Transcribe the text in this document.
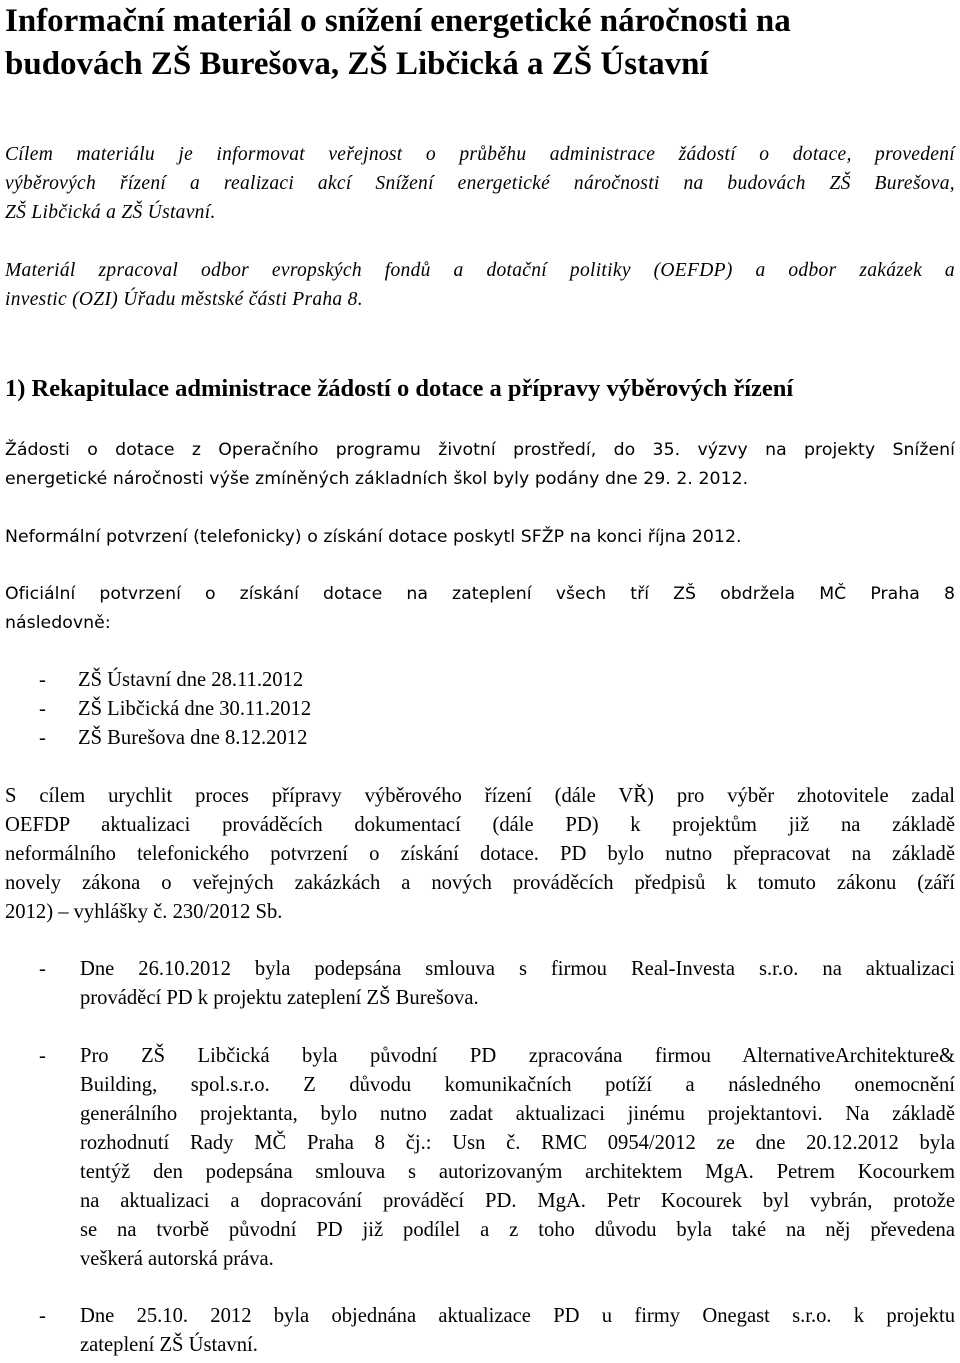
Informační materiál o snížení energetické náročnosti na
budovách ZŠ Burešova, ZŠ Libčická a ZŠ Ústavní

Cílem materiálu je informovat veřejnost o průběhu administrace žádostí o dotace, provedení
výběrových řízení a realizaci akcí Snížení energetické náročnosti na budovách ZŠ Burešova,
ZŠ Libčická a ZŠ Ústavní.

Materiál zpracoval odbor evropských fondů a dotační politiky (OEFDP) a odbor zakázek a
investic (OZI) Úřadu městské části Praha 8.

1) Rekapitulace administrace žádostí o dotace a přípravy výběrových řízení

Žádosti o dotace z Operačního programu životní prostředí, do 35. výzvy na projekty Snížení
energetické náročnosti výše zmíněných základních škol byly podány dne 29. 2. 2012.

Neformální potvrzení (telefonicky) o získání dotace poskytl SFŽP na konci října 2012.

Oficiální potvrzení o získání dotace na zateplení všech tří ZŠ obdržela MČ Praha 8
následovně:

- ZŠ Ústavní dne 28.11.2012
- ZŠ Libčická dne 30.11.2012
- ZŠ Burešova dne 8.12.2012

S cílem urychlit proces přípravy výběrového řízení (dále VŘ) pro výběr zhotovitele zadal
OEFDP aktualizaci prováděcích dokumentací (dále PD) k projektům již na základě
neformálního telefonického potvrzení o získání dotace. PD bylo nutno přepracovat na základě
novely zákona o veřejných zakázkách a nových prováděcích předpisů k tomuto zákonu (září
2012) – vyhlášky č. 230/2012 Sb.

- Dne 26.10.2012 byla podepsána smlouva s firmou Real-Investa s.r.o. na aktualizaci
prováděcí PD k projektu zateplení ZŠ Burešova.
- Pro ZŠ Libčická byla původní PD zpracována firmou AlternativeArchitekture&
Building, spol.s.r.o. Z důvodu komunikačních potíží a následného onemocnění
generálního projektanta, bylo nutno zadat aktualizaci jinému projektantovi. Na základě
rozhodnutí Rady MČ Praha 8 čj.: Usn č. RMC 0954/2012 ze dne 20.12.2012 byla
tentýž den podepsána smlouva s autorizovaným architektem MgA. Petrem Kocourkem
na aktualizaci a dopracování prováděcí PD. MgA. Petr Kocourek byl vybrán, protože
se na tvorbě původní PD již podílel a z toho důvodu byla také na něj převedena
veškerá autorská práva.
- Dne 25.10. 2012 byla objednána aktualizace PD u firmy Onegast s.r.o. k projektu
zateplení ZŠ Ústavní.
